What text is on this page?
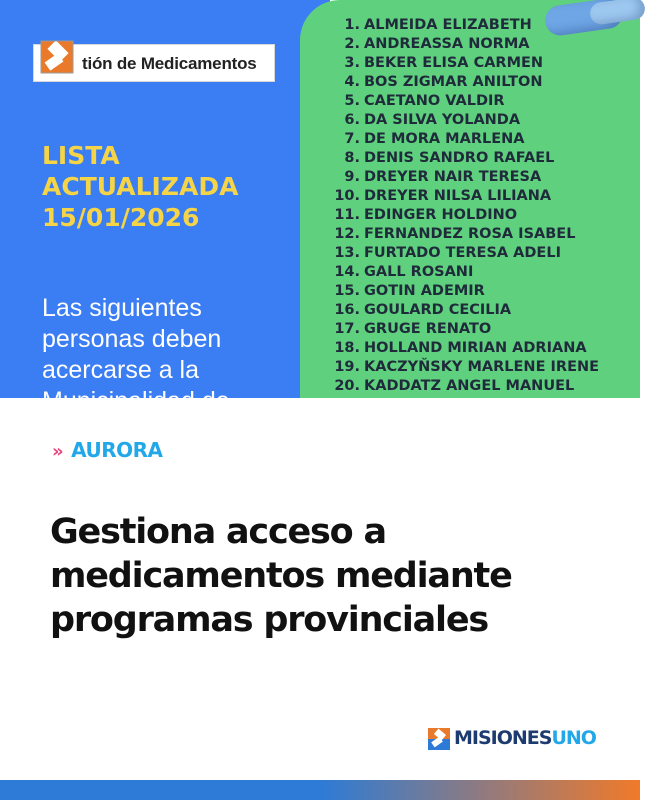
tión de Medicamentos
LISTA
ACTUALIZADA
15/01/2026
Las siguientes
personas deben
acercarse a la
Municipalidad de
1. ALMEIDA ELIZABETH
2. ANDREASSA NORMA
3. BEKER ELISA CARMEN
4. BOS ZIGMAR ANILTON
5. CAETANO VALDIR
6. DA SILVA YOLANDA
7. DE MORA MARLENA
8. DENIS SANDRO RAFAEL
9. DREYER NAIR TERESA
10. DREYER NILSA LILIANA
11. EDINGER HOLDINO
12. FERNANDEZ ROSA ISABEL
13. FURTADO TERESA ADELI
14. GALL ROSANI
15. GOTIN ADEMIR
16. GOULARD CECILIA
17. GRUGE RENATO
18. HOLLAND MIRIAN ADRIANA
19. KACZYŇSKY MARLENE IRENE
20. KADDATZ ANGEL MANUEL
» AURORA
Gestiona acceso a medicamentos mediante programas provinciales
MISIONESUNO
